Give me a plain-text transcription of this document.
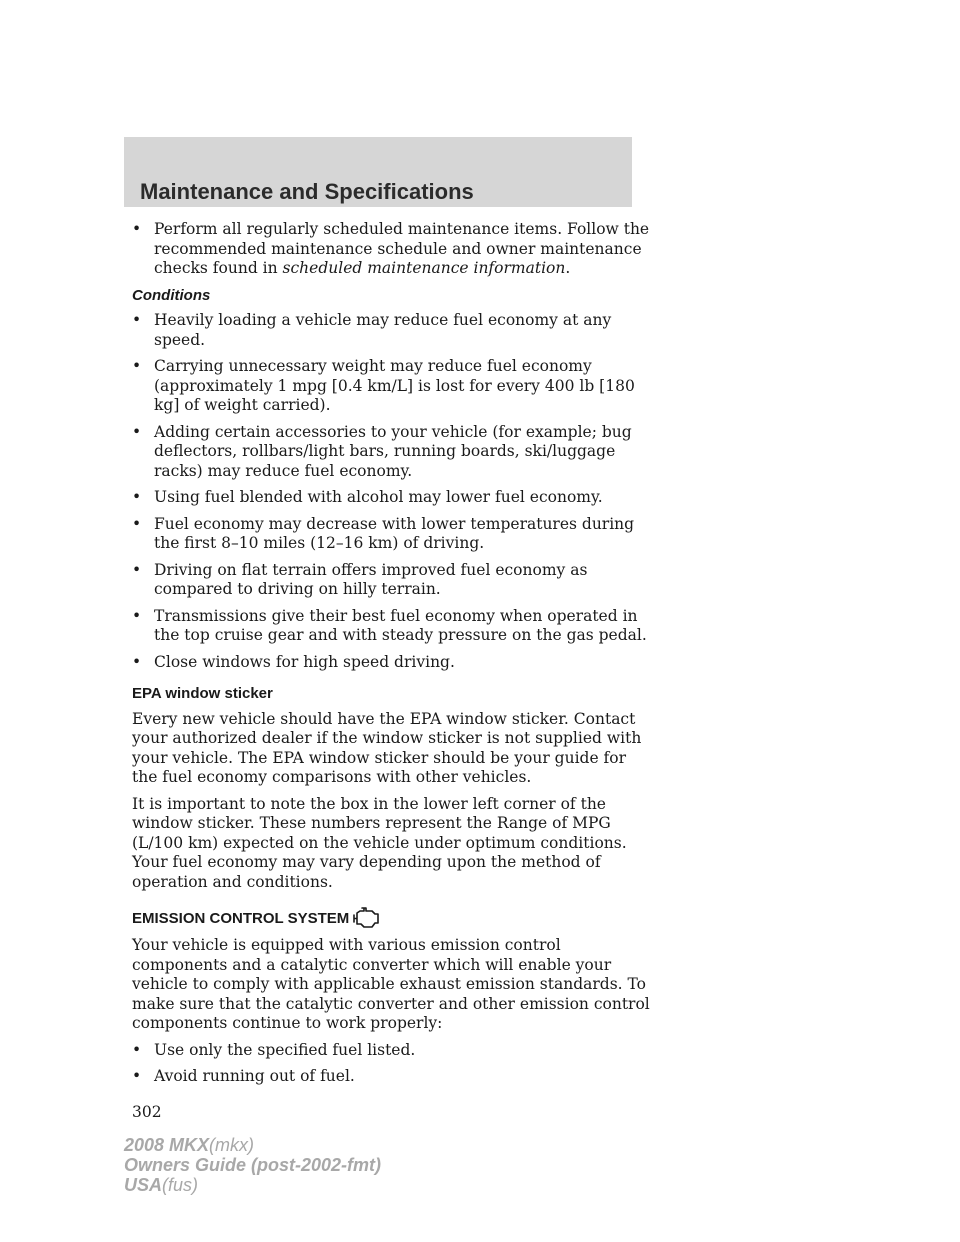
Maintenance and Specifications
• Perform all regularly scheduled maintenance items. Follow the recommended maintenance schedule and owner maintenance checks found in scheduled maintenance information.
Conditions
• Heavily loading a vehicle may reduce fuel economy at any speed.
• Carrying unnecessary weight may reduce fuel economy (approximately 1 mpg [0.4 km/L] is lost for every 400 lb [180 kg] of weight carried).
• Adding certain accessories to your vehicle (for example; bug deflectors, rollbars/light bars, running boards, ski/luggage racks) may reduce fuel economy.
• Using fuel blended with alcohol may lower fuel economy.
• Fuel economy may decrease with lower temperatures during the first 8–10 miles (12–16 km) of driving.
• Driving on flat terrain offers improved fuel economy as compared to driving on hilly terrain.
• Transmissions give their best fuel economy when operated in the top cruise gear and with steady pressure on the gas pedal.
• Close windows for high speed driving.
EPA window sticker

Every new vehicle should have the EPA window sticker. Contact your authorized dealer if the window sticker is not supplied with your vehicle. The EPA window sticker should be your guide for the fuel economy comparisons with other vehicles.

It is important to note the box in the lower left corner of the window sticker. These numbers represent the Range of MPG (L/100 km) expected on the vehicle under optimum conditions. Your fuel economy may vary depending upon the method of operation and conditions.

EMISSION CONTROL SYSTEM

Your vehicle is equipped with various emission control components and a catalytic converter which will enable your vehicle to comply with applicable exhaust emission standards. To make sure that the catalytic converter and other emission control components continue to work properly:

• Use only the specified fuel listed.
• Avoid running out of fuel.
302
2008 MKX(mkx)
Owners Guide (post-2002-fmt)
USA(fus)
